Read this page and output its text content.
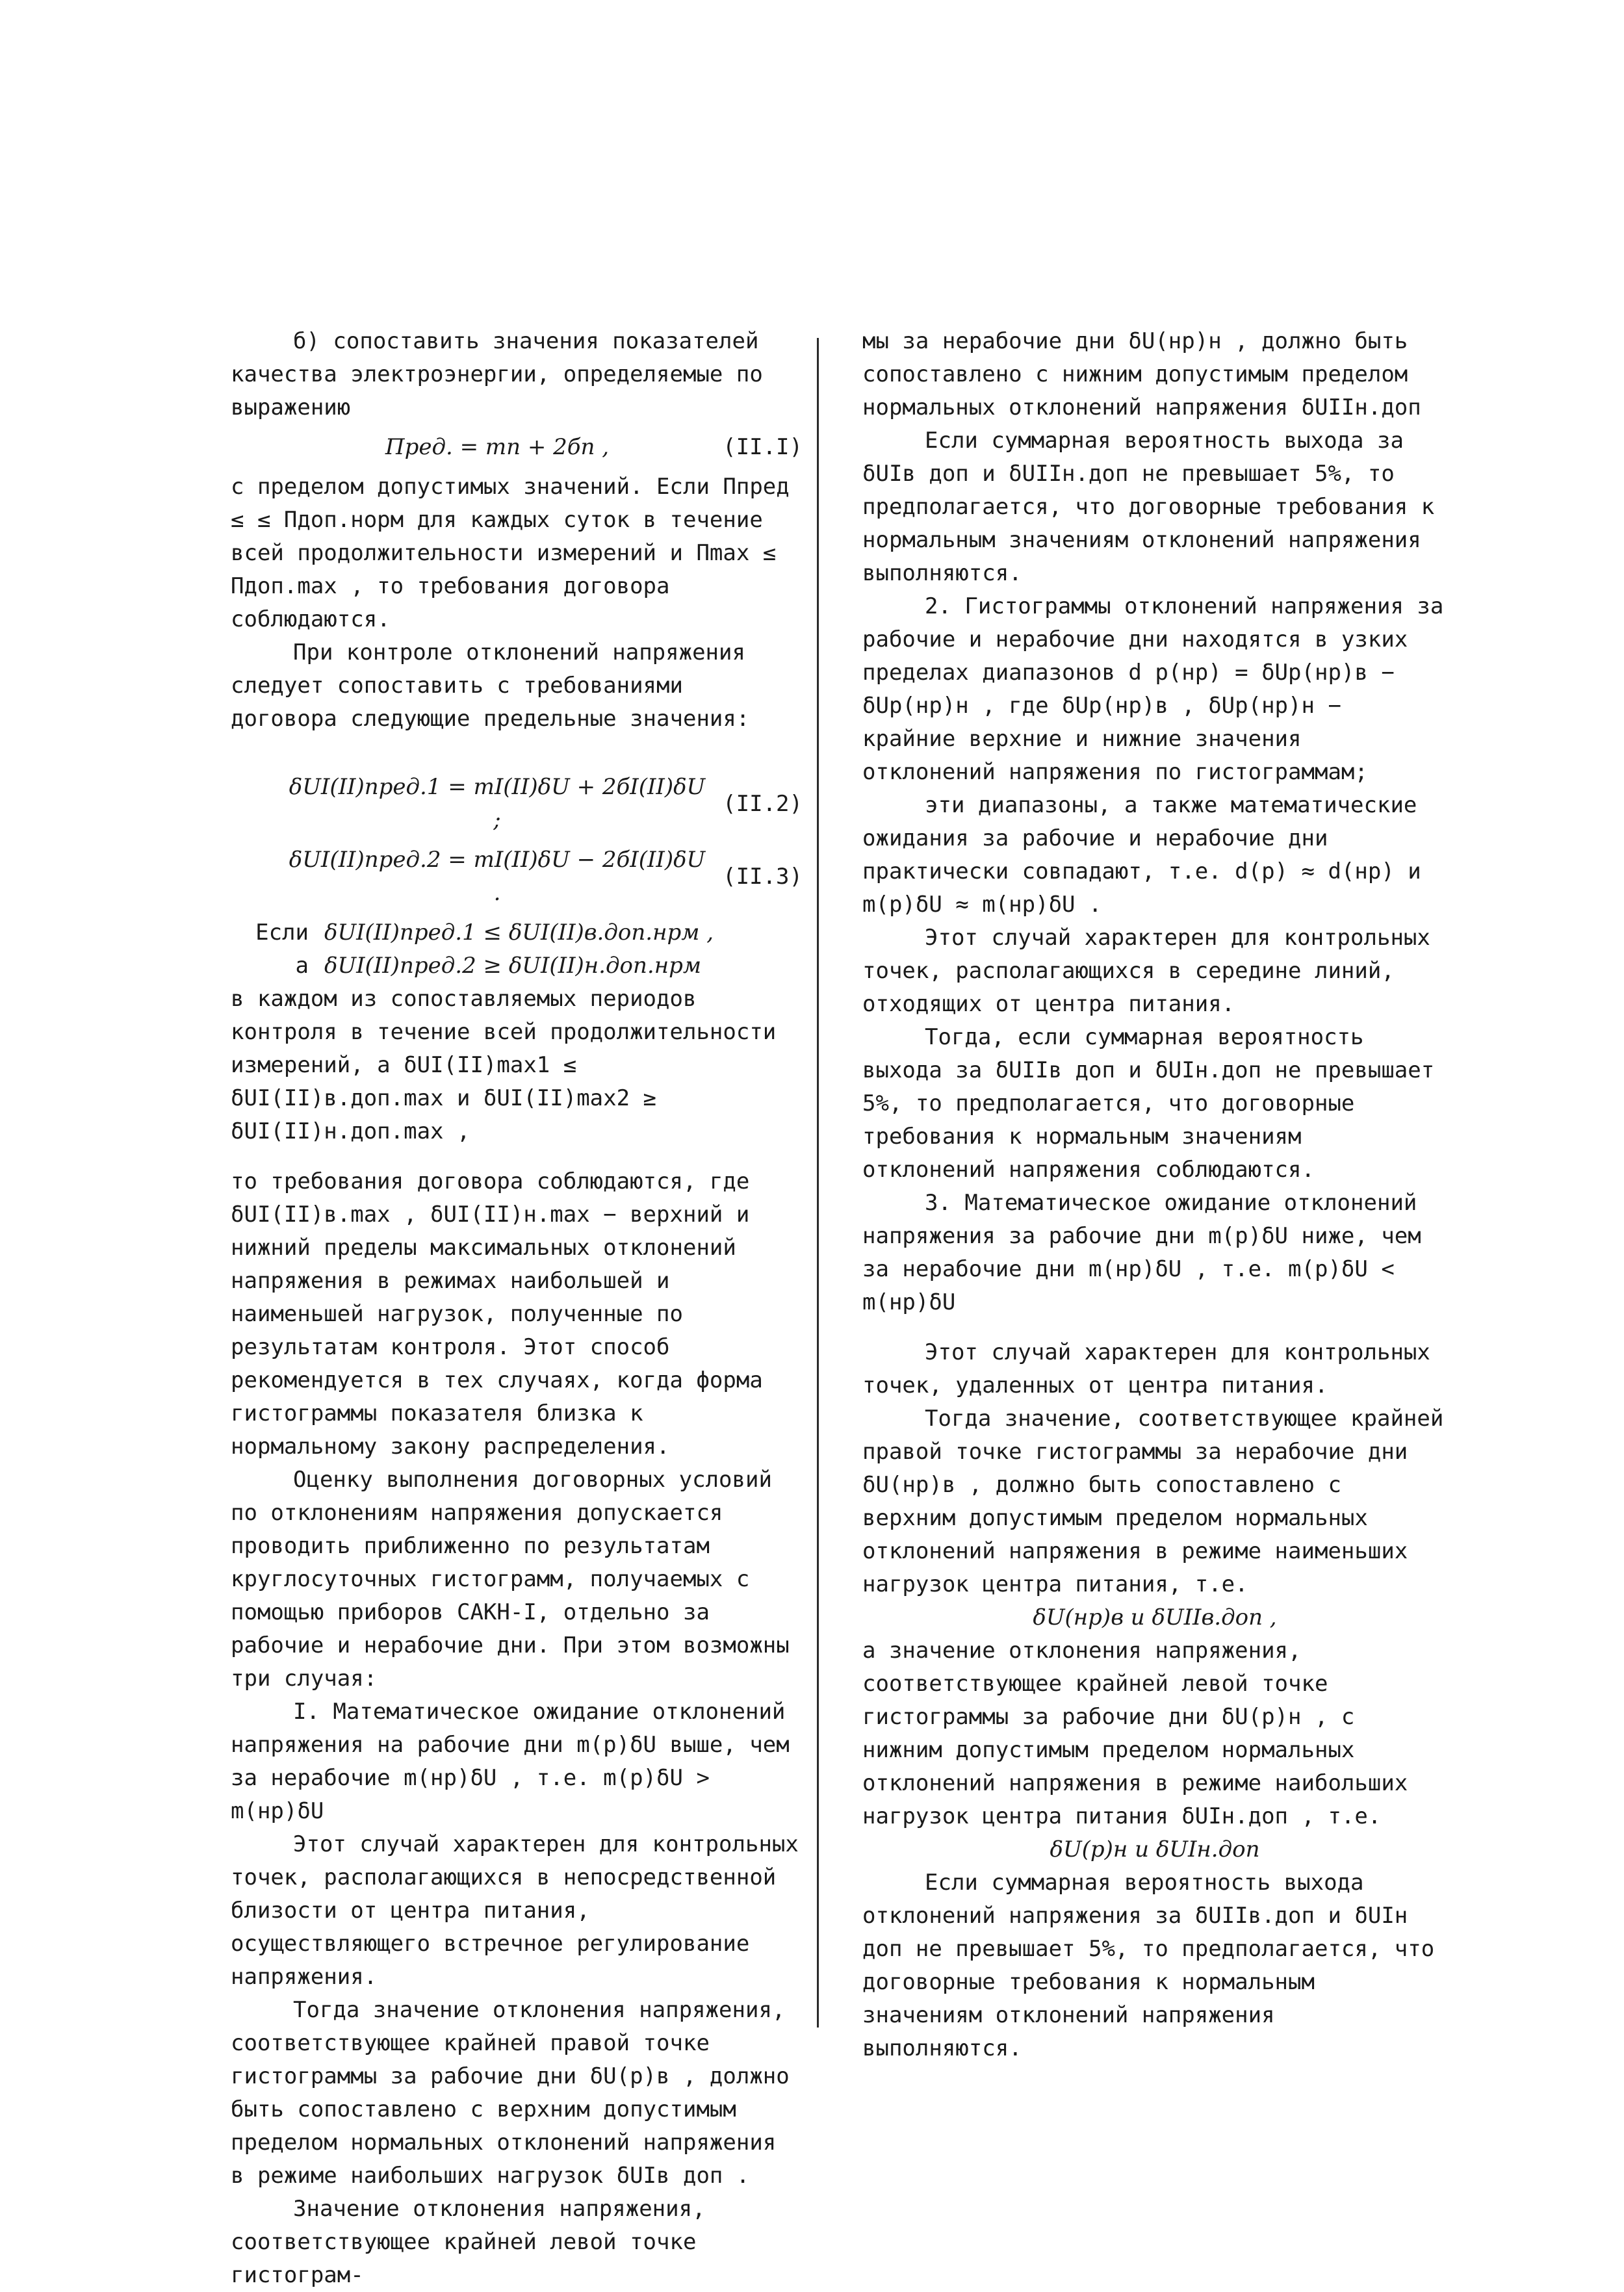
б) сопоставить значения показателей качества электроэнергии, определяемые по выражению

Пpeд. = mп + 2бп ,	(II.I)

с пределом допустимых значений. Если Ппред ≤ ≤ Пдоп.норм для каждых суток в течение всей продолжительности измерений и Пmax ≤ Пдоп.max , то требования договора соблюдаются.

При контроле отклонений напряжения следует сопоставить с требованиями договора следующие предельные значения:

δUI(II)пред.1 = mI(II)δU + 2бI(II)δU ;
(II.2)
δUI(II)пред.2 = mI(II)δU − 2бI(II)δU .
(II.3)
Если δUI(II)пред.1 ≤ δUI(II)в.доп.нрм ,
а δUI(II)пред.2 ≥ δUI(II)н.доп.нрм

в каждом из сопоставляемых периодов контроля в течение всей продолжительности измерений, а δUI(II)max1 ≤ δUI(II)в.доп.max и δUI(II)max2 ≥ δUI(II)н.доп.max ,

то требования договора соблюдаются, где δUI(II)в.max , δUI(II)н.max − верхний и нижний пределы максимальных отклонений напряжения в режимах наибольшей и наименьшей нагрузок, полученные по результатам контроля. Этот способ рекомендуется в тех случаях, когда форма гистограммы показателя близка к нормальному закону распределения.

Оценку выполнения договорных условий по отклонениям напряжения допускается проводить приближенно по результатам круглосуточных гистограмм, получаемых с помощью приборов САКН-I, отдельно за рабочие и нерабочие дни. При этом возможны три случая:

I. Математическое ожидание отклонений напряжения на рабочие дни m(р)δU выше, чем за нерабочие m(нр)δU , т.е. m(р)δU > m(нр)δU

Этот случай характерен для контрольных точек, располагающихся в непосредственной близости от центра питания, осуществляющего встречное регулирование напряжения.

Тогда значение отклонения напряжения, соответствующее крайней правой точке гистограммы за рабочие дни δU(р)в , должно быть сопоставлено с верхним допустимым пределом нормальных отклонений напряжения в режиме наибольших нагрузок δUIв доп .

Значение отклонения напряжения, соответствующее крайней левой точке гистограм-

мы за нерабочие дни δU(нр)н , должно быть сопоставлено с нижним допустимым пределом нормальных отклонений напряжения δUIIн.доп

Если суммарная вероятность выхода за δUIв доп и δUIIн.доп не превышает 5%, то предполагается, что договорные требования к нормальным значениям отклонений напряжения выполняются.

2. Гистограммы отклонений напряжения за рабочие и нерабочие дни находятся в узких пределах диапазонов d р(нр) = δUр(нр)в − δUр(нр)н , где δUр(нр)в , δUр(нр)н − крайние верхние и нижние значения отклонений напряжения по гистограммам;

эти диапазоны, а также математические ожидания за рабочие и нерабочие дни практически совпадают, т.е. d(р) ≈ d(нр) и m(р)δU ≈ m(нр)δU .

Этот случай характерен для контрольных точек, располагающихся в середине линий, отходящих от центра питания.

Тогда, если суммарная вероятность выхода за δUIIв доп и δUIн.доп не превышает 5%, то предполагается, что договорные требования к нормальным значениям отклонений напряжения соблюдаются.

3. Математическое ожидание отклонений напряжения за рабочие дни m(р)δU ниже, чем за нерабочие дни m(нр)δU , т.е. m(р)δU < m(нр)δU

Этот случай характерен для контрольных точек, удаленных от центра питания.

Тогда значение, соответствующее крайней правой точке гистограммы за нерабочие дни δU(нр)в , должно быть сопоставлено с верхним допустимым пределом нормальных отклонений напряжения в режиме наименьших нагрузок центра питания, т.е.

δU(нр)в и δUIIв.доп ,

а значение отклонения напряжения, соответствующее крайней левой точке гистограммы за рабочие дни δU(р)н , с нижним допустимым пределом нормальных отклонений напряжения в режиме наибольших нагрузок центра питания δUIн.доп , т.е.

δU(р)н и δUIн.доп

Если суммарная вероятность выхода отклонений напряжения за δUIIв.доп и δUIн доп не превышает 5%, то предполагается, что договорные требования к нормальным значениям отклонений напряжения выполняются.
